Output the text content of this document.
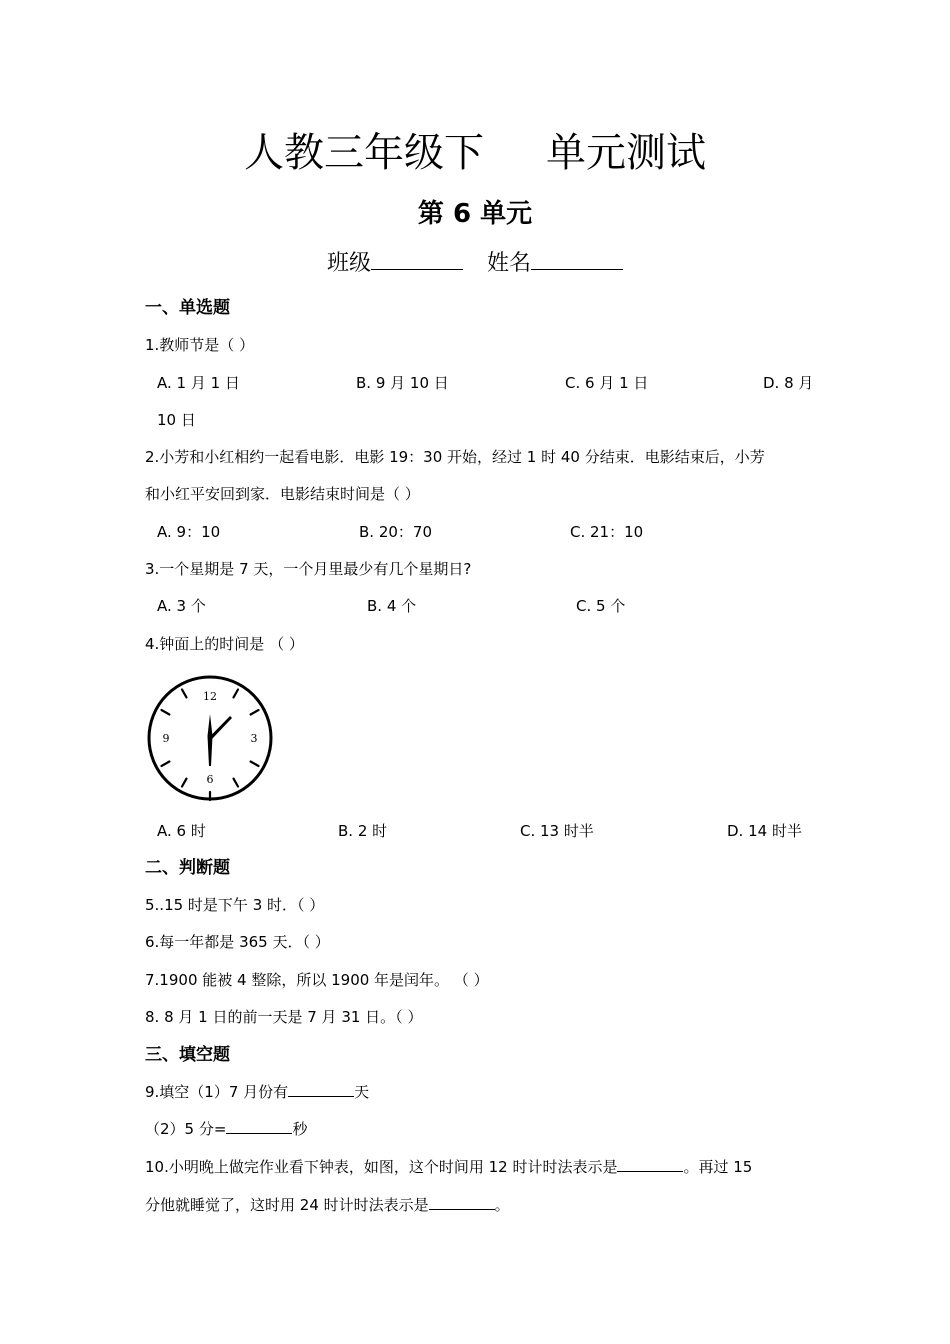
人教三年级下 单元测试
第 6 单元
班级	姓名
一、单选题
1.教师节是（ ）
A. 1 月 1 日	B. 9 月 10 日	C. 6 月 1 日	D. 8 月
10 日
2.小芳和小红相约一起看电影．电影 19：30 开始，经过 1 时 40 分结束．电影结束后，小芳
和小红平安回到家．电影结束时间是（ ）
A. 9：10	B. 20：70	C. 21：10
3.一个星期是 7 天，一个月里最少有几个星期日?
A. 3 个	B. 4 个	C. 5 个
4.钟面上的时间是 （ ）
12
3
6
9
A. 6 时	B. 2 时	C. 13 时半	D. 14 时半
二、判断题
5..15 时是下午 3 时．（ ）
6.每一年都是 365 天．（ ）
7.1900 能被 4 整除，所以 1900 年是闰年。 （ ）
8. 8 月 1 日的前一天是 7 月 31 日。（ ）
三、填空题
9.填空（1）7 月份有	天
（2）5 分=	秒
10.小明晚上做完作业看下钟表，如图，这个时间用 12 时计时法表示是	。再过 15
分他就睡觉了，这时用 24 时计时法表示是	。
